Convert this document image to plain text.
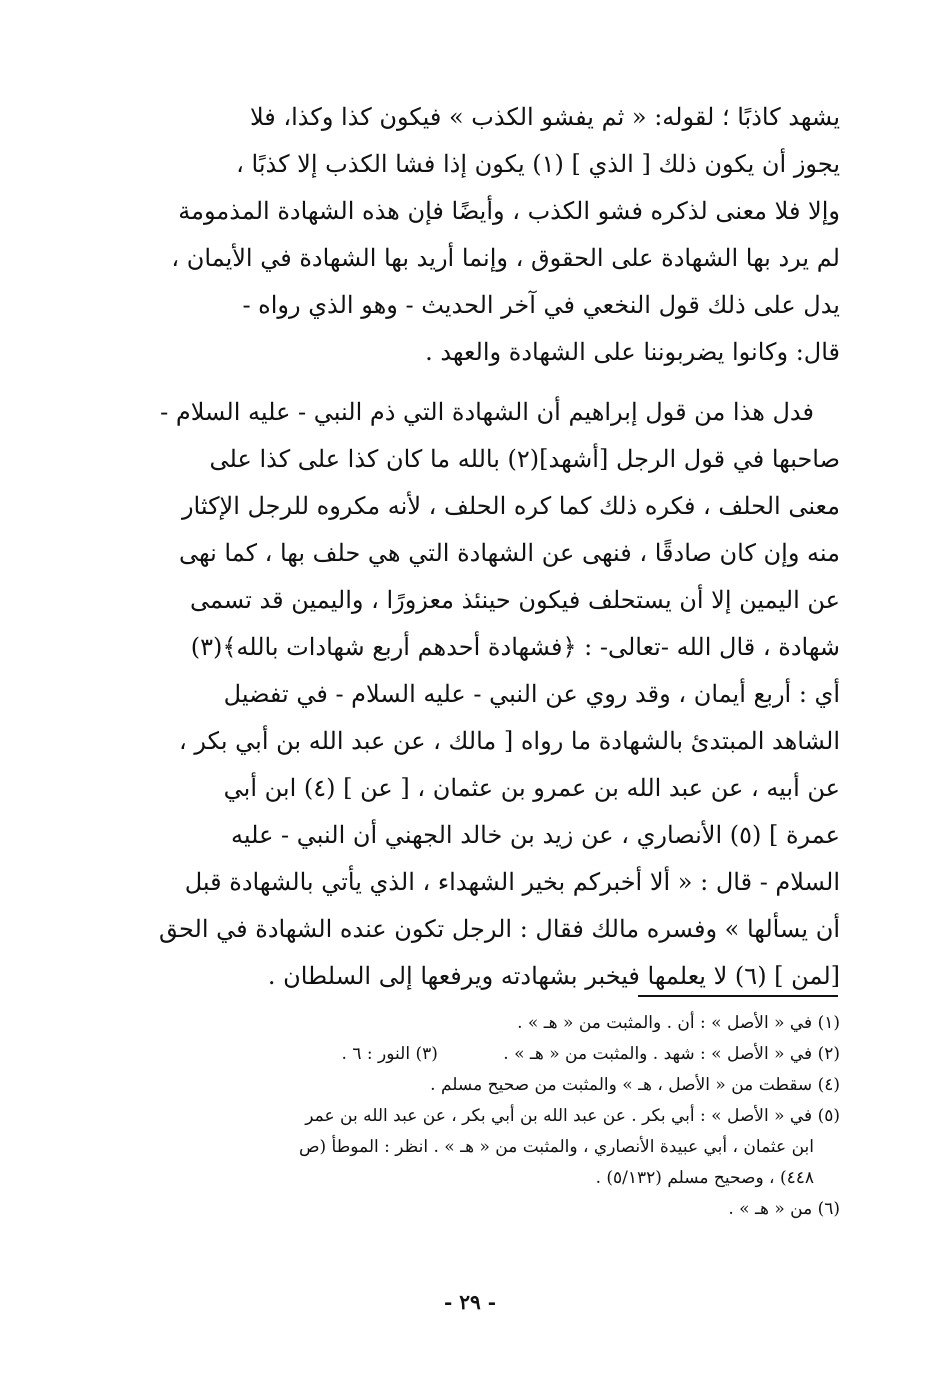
يشهد كاذبًا ؛ لقوله: « ثم يفشو الكذب » فيكون كذا وكذا، فلا
يجوز أن يكون ذلك [ الذي ] (١) يكون إذا فشا الكذب إلا كذبًا ،
وإلا فلا معنى لذكره فشو الكذب ، وأيضًا فإن هذه الشهادة المذمومة
لم يرد بها الشهادة على الحقوق ، وإنما أريد بها الشهادة في الأيمان ،
يدل على ذلك قول النخعي في آخر الحديث - وهو الذي رواه -
قال: وكانوا يضربوننا على الشهادة والعهد .
فدل هذا من قول إبراهيم أن الشهادة التي ذم النبي - عليه السلام -
صاحبها في قول الرجل [أشهد](٢) بالله ما كان كذا على كذا على
معنى الحلف ، فكره ذلك كما كره الحلف ، لأنه مكروه للرجل الإكثار
منه وإن كان صادقًا ، فنهى عن الشهادة التي هي حلف بها ، كما نهى
عن اليمين إلا أن يستحلف فيكون حينئذ معزورًا ، واليمين قد تسمى
شهادة ، قال الله -تعالى- : ﴿فشهادة أحدهم أربع شهادات بالله﴾(٣)
أي : أربع أيمان ، وقد روي عن النبي - عليه السلام - في تفضيل
الشاهد المبتدئ بالشهادة ما رواه [ مالك ، عن عبد الله بن أبي بكر ،
عن أبيه ، عن عبد الله بن عمرو بن عثمان ، [ عن ] (٤) ابن أبي
عمرة ] (٥) الأنصاري ، عن زيد بن خالد الجهني أن النبي - عليه
السلام - قال : « ألا أخبركم بخير الشهداء ، الذي يأتي بالشهادة قبل
أن يسألها » وفسره مالك فقال : الرجل تكون عنده الشهادة في الحق
[لمن ] (٦) لا يعلمها فيخبر بشهادته ويرفعها إلى السلطان .
(١) في « الأصل » : أن . والمثبت من « هـ » .
(٢) في « الأصل » : شهد . والمثبت من « هـ » . (٣) النور : ٦ .
(٤) سقطت من « الأصل ، هـ » والمثبت من صحيح مسلم .
(٥) في « الأصل » : أبي بكر . عن عبد الله بن أبي بكر ، عن عبد الله بن عمر
ابن عثمان ، أبي عبيدة الأنصاري ، والمثبت من « هـ » . انظر : الموطأ (ص
٤٤٨) ، وصحيح مسلم (٥/١٣٢) .
(٦) من « هـ » .
- ٢٩ -
